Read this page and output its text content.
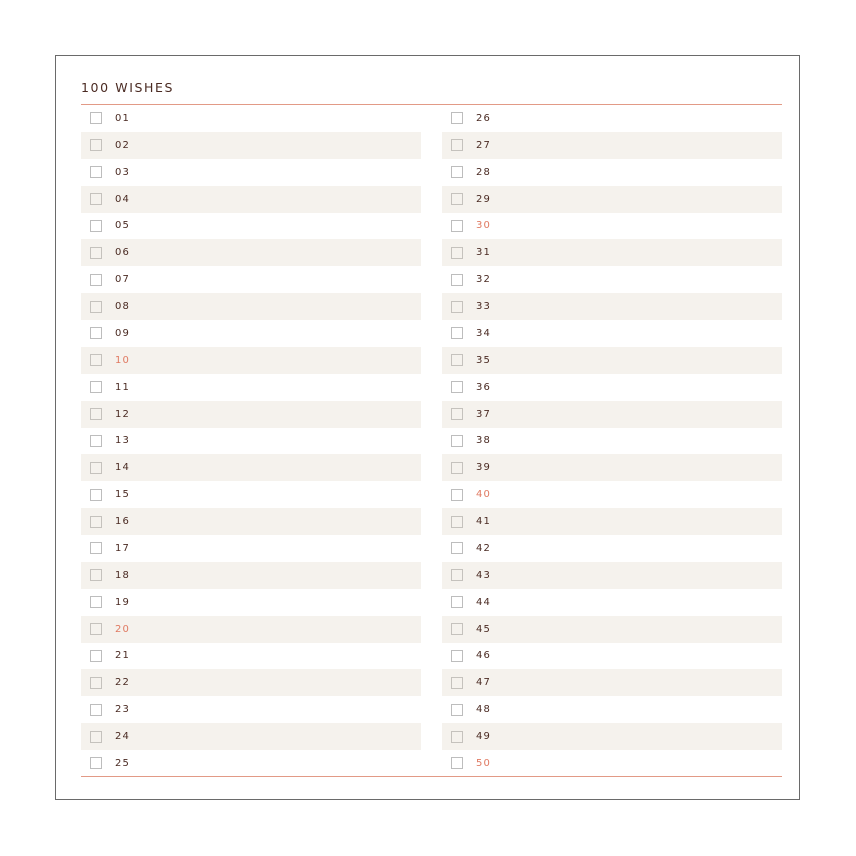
100 WISHES
01
02
03
04
05
06
07
08
09
10
11
12
13
14
15
16
17
18
19
20
21
22
23
24
25
26
27
28
29
30
31
32
33
34
35
36
37
38
39
40
41
42
43
44
45
46
47
48
49
50
